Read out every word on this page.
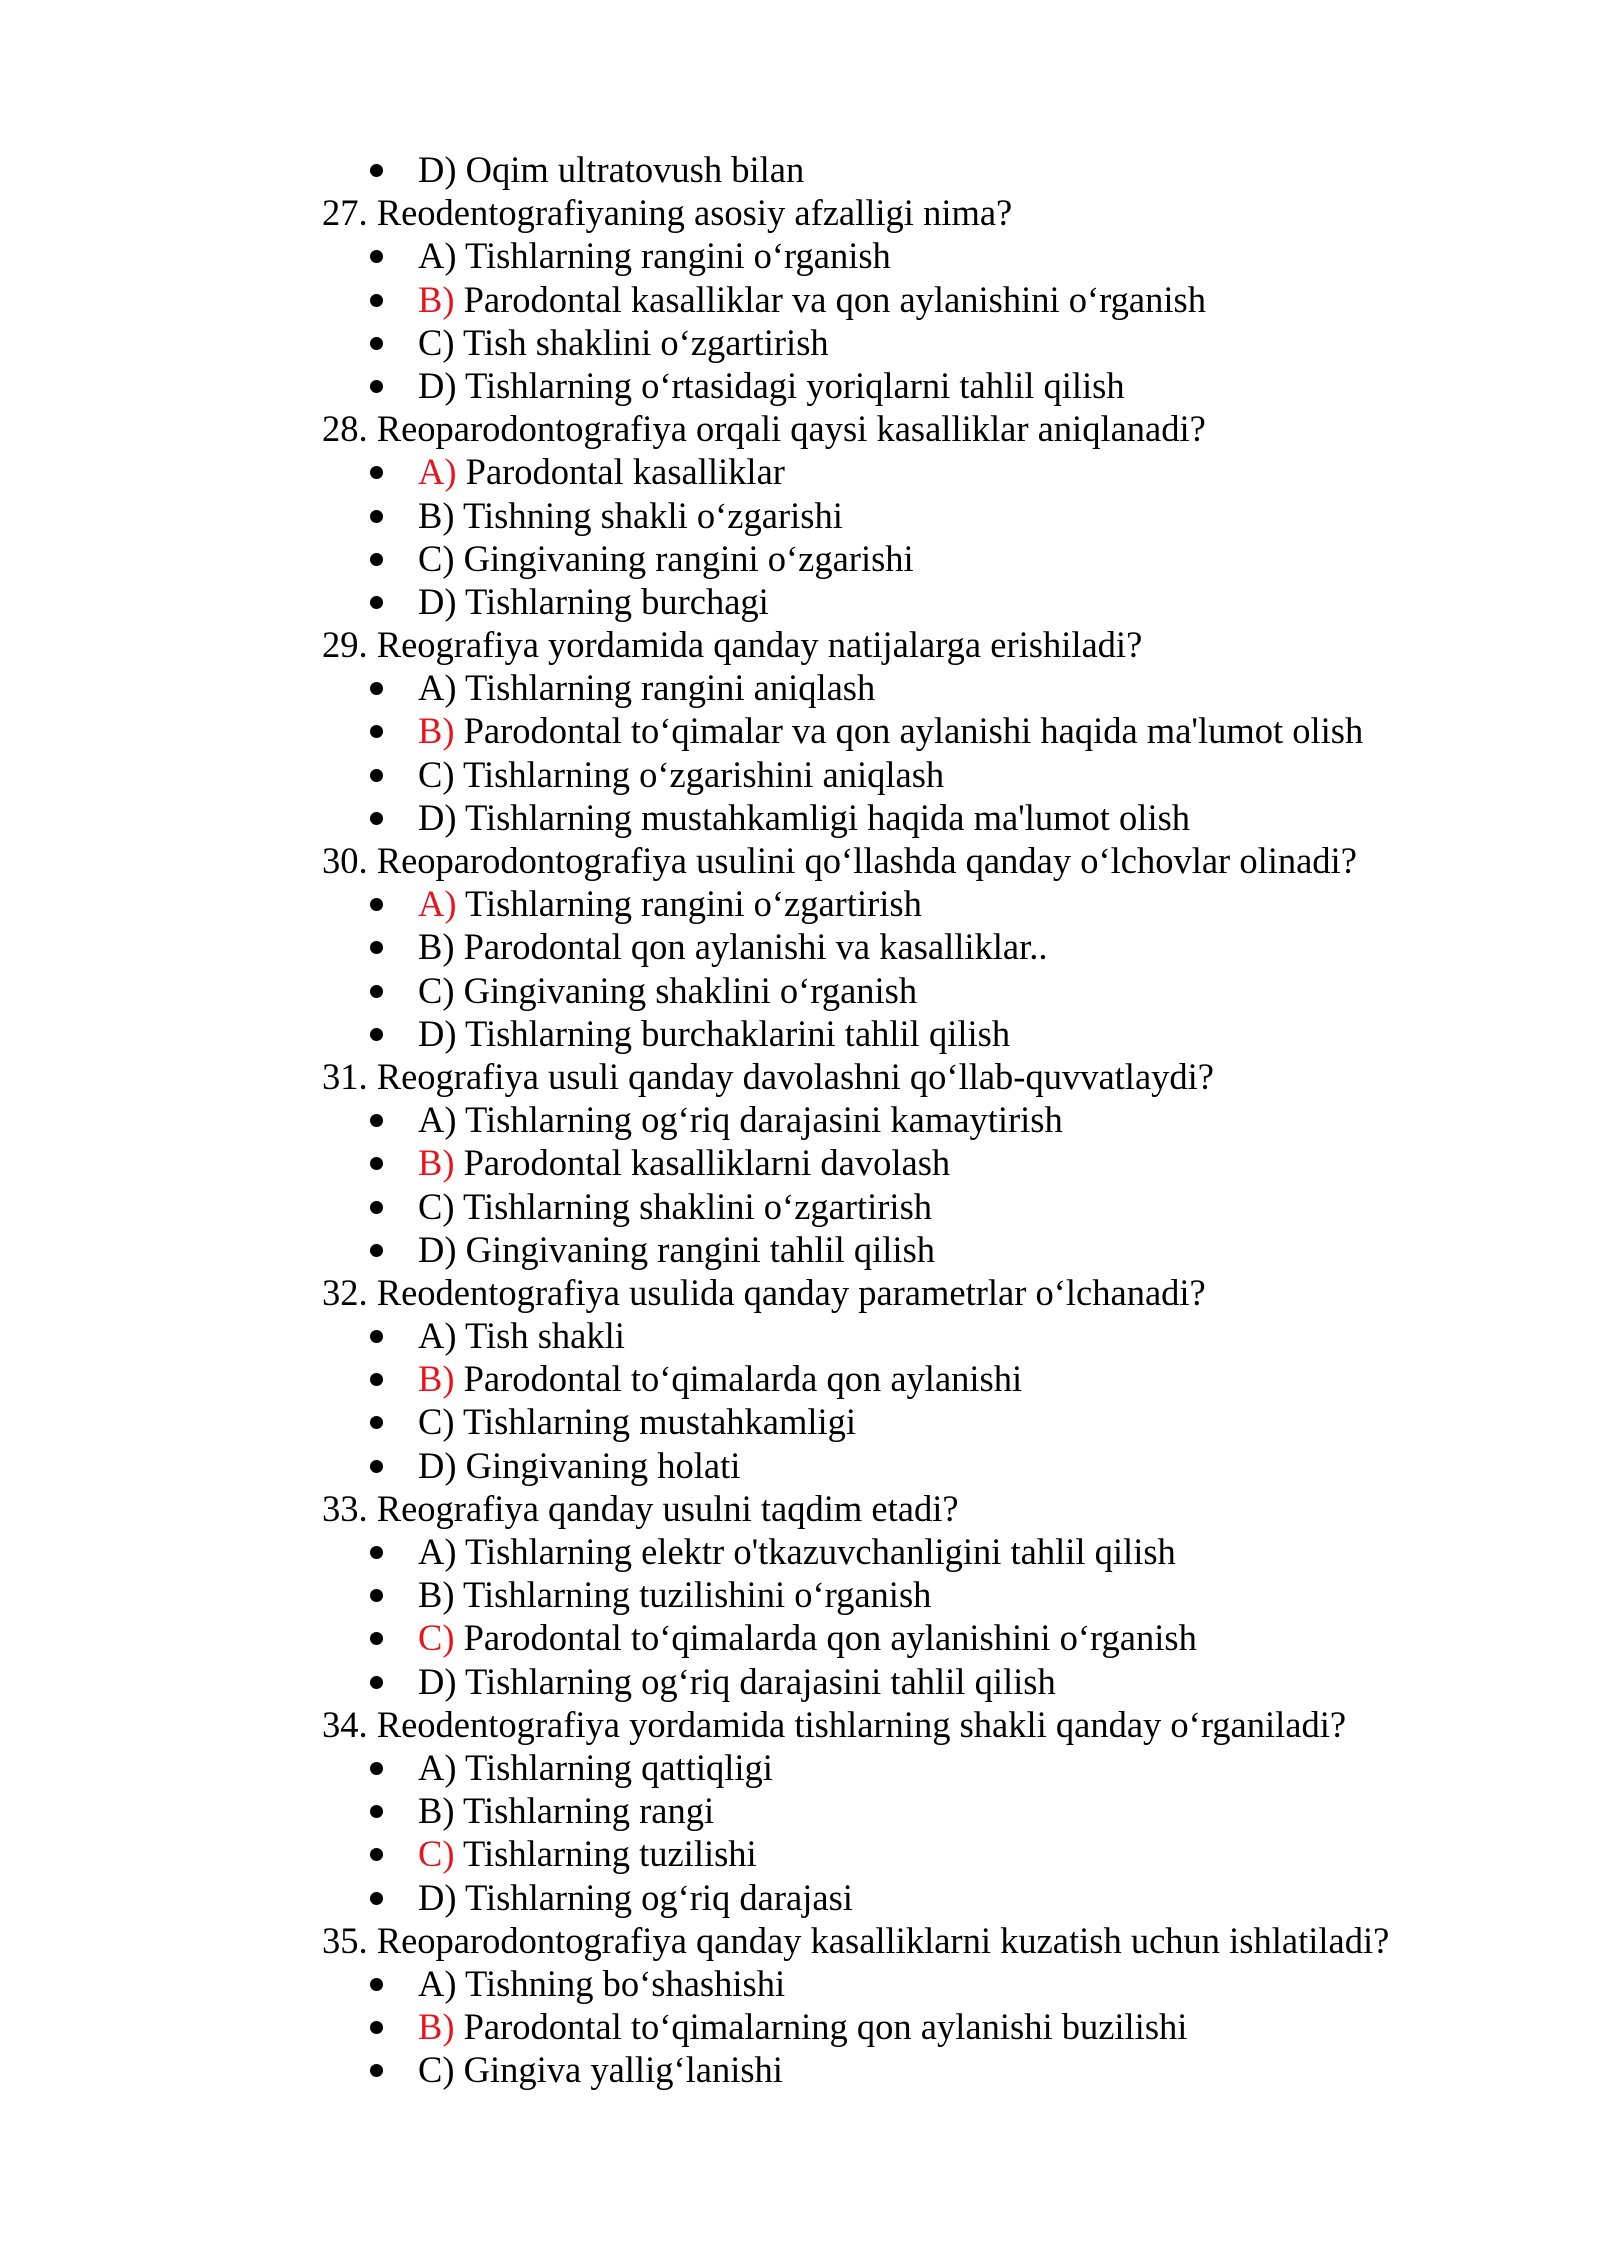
D) Oqim ultratovush bilan
27. Reodentografiyaning asosiy afzalligi nima?
A) Tishlarning rangini o‘rganish
B) Parodontal kasalliklar va qon aylanishini o‘rganish
C) Tish shaklini o‘zgartirish
D) Tishlarning o‘rtasidagi yoriqlarni tahlil qilish
28. Reoparodontografiya orqali qaysi kasalliklar aniqlanadi?
A) Parodontal kasalliklar
B) Tishning shakli o‘zgarishi
C) Gingivaning rangini o‘zgarishi
D) Tishlarning burchagi
29. Reografiya yordamida qanday natijalarga erishiladi?
A) Tishlarning rangini aniqlash
B) Parodontal to‘qimalar va qon aylanishi haqida ma'lumot olish
C) Tishlarning o‘zgarishini aniqlash
D) Tishlarning mustahkamligi haqida ma'lumot olish
30. Reoparodontografiya usulini qo‘llashda qanday o‘lchovlar olinadi?
A) Tishlarning rangini o‘zgartirish
B) Parodontal qon aylanishi va kasalliklar..
C) Gingivaning shaklini o‘rganish
D) Tishlarning burchaklarini tahlil qilish
31. Reografiya usuli qanday davolashni qo‘llab-quvvatlaydi?
A) Tishlarning og‘riq darajasini kamaytirish
B) Parodontal kasalliklarni davolash
C) Tishlarning shaklini o‘zgartirish
D) Gingivaning rangini tahlil qilish
32. Reodentografiya usulida qanday parametrlar o‘lchanadi?
A) Tish shakli
B) Parodontal to‘qimalarda qon aylanishi
C) Tishlarning mustahkamligi
D) Gingivaning holati
33. Reografiya qanday usulni taqdim etadi?
A) Tishlarning elektr o'tkazuvchanligini tahlil qilish
B) Tishlarning tuzilishini o‘rganish
C) Parodontal to‘qimalarda qon aylanishini o‘rganish
D) Tishlarning og‘riq darajasini tahlil qilish
34. Reodentografiya yordamida tishlarning shakli qanday o‘rganiladi?
A) Tishlarning qattiqligi
B) Tishlarning rangi
C) Tishlarning tuzilishi
D) Tishlarning og‘riq darajasi
35. Reoparodontografiya qanday kasalliklarni kuzatish uchun ishlatiladi?
A) Tishning bo‘shashishi
B) Parodontal to‘qimalarning qon aylanishi buzilishi
C) Gingiva yallig‘lanishi
